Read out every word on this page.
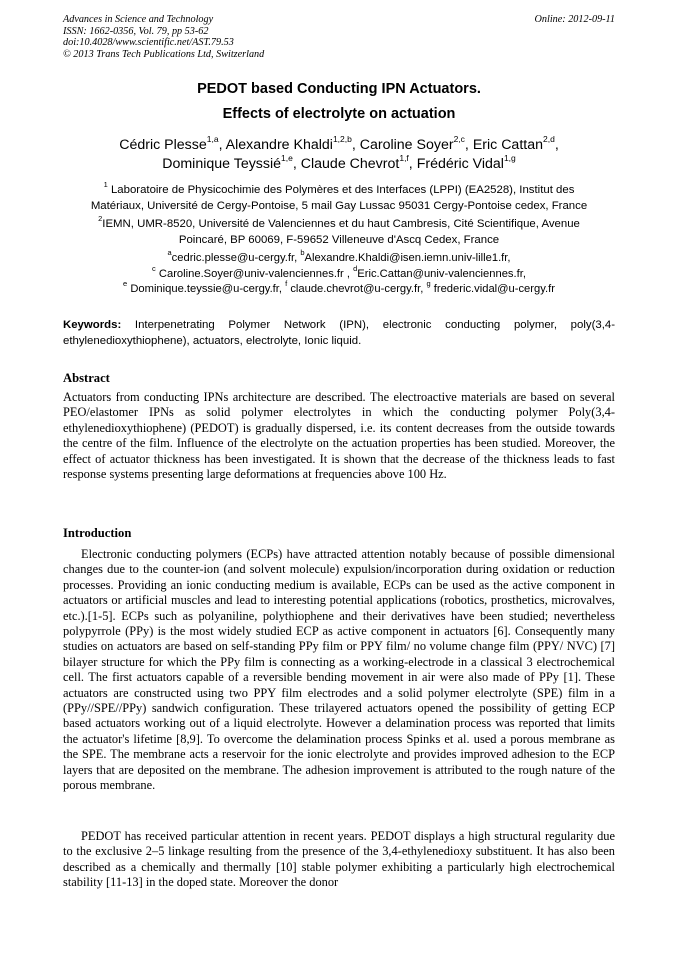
Advances in Science and Technology
ISSN: 1662-0356, Vol. 79, pp 53-62
doi:10.4028/www.scientific.net/AST.79.53
© 2013 Trans Tech Publications Ltd, Switzerland
Online: 2012-09-11
PEDOT based Conducting IPN Actuators.
Effects of electrolyte on actuation
Cédric Plesse$^{1,a}$, Alexandre Khaldi$^{1,2,b}$, Caroline Soyer$^{2,c}$, Eric Cattan$^{2,d}$,
Dominique Teyssié$^{1,e}$, Claude Chevrot$^{1,f}$, Frédéric Vidal$^{1,g}$
$^1$ Laboratoire de Physicochimie des Polymères et des Interfaces (LPPI) (EA2528), Institut des
Matériaux, Université de Cergy-Pontoise, 5 mail Gay Lussac 95031 Cergy-Pontoise cedex, France
$^2$IEMN, UMR-8520, Université de Valenciennes et du haut Cambresis, Cité Scientifique, Avenue
Poincaré, BP 60069, F-59652 Villeneuve d'Ascq Cedex, France
$^a$cedric.plesse@u-cergy.fr, $^b$Alexandre.Khaldi@isen.iemn.univ-lille1.fr,
$^c$ Caroline.Soyer@univ-valenciennes.fr , $^d$Eric.Cattan@univ-valenciennes.fr,
$^e$ Dominique.teyssie@u-cergy.fr, $^f$ claude.chevrot@u-cergy.fr, $^g$ frederic.vidal@u-cergy.fr
Keywords: Interpenetrating Polymer Network (IPN), electronic conducting polymer, poly(3,4-ethylenedioxythiophene), actuators, electrolyte, Ionic liquid.
Abstract
Actuators from conducting IPNs architecture are described. The electroactive materials are based on several PEO/elastomer IPNs as solid polymer electrolytes in which the conducting polymer Poly(3,4-ethylenedioxythiophene) (PEDOT) is gradually dispersed, i.e. its content decreases from the outside towards the centre of the film. Influence of the electrolyte on the actuation properties has been studied. Moreover, the effect of actuator thickness has been investigated. It is shown that the decrease of the thickness leads to fast response systems presenting large deformations at frequencies above 100 Hz.
Introduction
Electronic conducting polymers (ECPs) have attracted attention notably because of possible dimensional changes due to the counter-ion (and solvent molecule) expulsion/incorporation during oxidation or reduction processes. Providing an ionic conducting medium is available, ECPs can be used as the active component in actuators or artificial muscles and lead to interesting potential applications (robotics, prosthetics, microvalves, etc.).[1-5]. ECPs such as polyaniline, polythiophene and their derivatives have been studied; nevertheless polypyrrole (PPy) is the most widely studied ECP as active component in actuators [6]. Consequently many studies on actuators are based on self-standing PPy film or PPY film/ no volume change film (PPY/ NVC) [7] bilayer structure for which the PPy film is connecting as a working-electrode in a classical 3 electrochemical cell. The first actuators capable of a reversible bending movement in air were also made of PPy [1]. These actuators are constructed using two PPY film electrodes and a solid polymer electrolyte (SPE) film in a (PPy//SPE//PPy) sandwich configuration. These trilayered actuators opened the possibility of getting ECP based actuators working out of a liquid electrolyte. However a delamination process was reported that limits the actuator's lifetime [8,9]. To overcome the delamination process Spinks et al. used a porous membrane as the SPE. The membrane acts a reservoir for the ionic electrolyte and provides improved adhesion to the ECP layers that are deposited on the membrane. The adhesion improvement is attributed to the rough nature of the porous membrane.
PEDOT has received particular attention in recent years. PEDOT displays a high structural regularity due to the exclusive 2–5 linkage resulting from the presence of the 3,4-ethylenedioxy substituent. It has also been described as a chemically and thermally [10] stable polymer exhibiting a particularly high electrochemical stability [11-13] in the doped state. Moreover the donor
